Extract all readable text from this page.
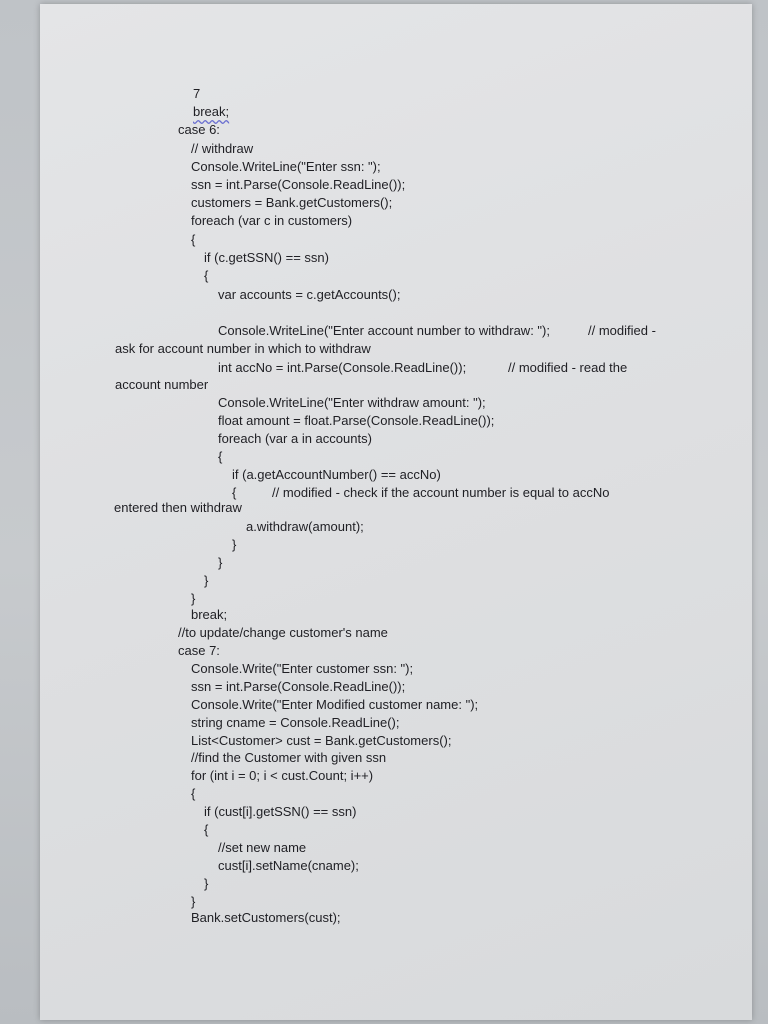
7
break;
case 6:
// withdraw
Console.WriteLine("Enter ssn: ");
ssn = int.Parse(Console.ReadLine());
customers = Bank.getCustomers();
foreach (var c in customers)
{
if (c.getSSN() == ssn)
{
var accounts = c.getAccounts();
Console.WriteLine("Enter account number to withdraw: ");	// modified -
ask for account number in which to withdraw
int accNo = int.Parse(Console.ReadLine());	// modified - read the
account number
Console.WriteLine("Enter withdraw amount: ");
float amount = float.Parse(Console.ReadLine());
foreach (var a in accounts)
{
if (a.getAccountNumber() == accNo)
{	// modified - check if the account number is equal to accNo
entered then withdraw
a.withdraw(amount);
}
}
}
}
break;
//to update/change customer's name
case 7:
Console.Write("Enter customer ssn: ");
ssn = int.Parse(Console.ReadLine());
Console.Write("Enter Modified customer name: ");
string cname = Console.ReadLine();
List<Customer> cust = Bank.getCustomers();
//find the Customer with given ssn
for (int i = 0; i < cust.Count; i++)
{
if (cust[i].getSSN() == ssn)
{
//set new name
cust[i].setName(cname);
}
}
Bank.setCustomers(cust);
